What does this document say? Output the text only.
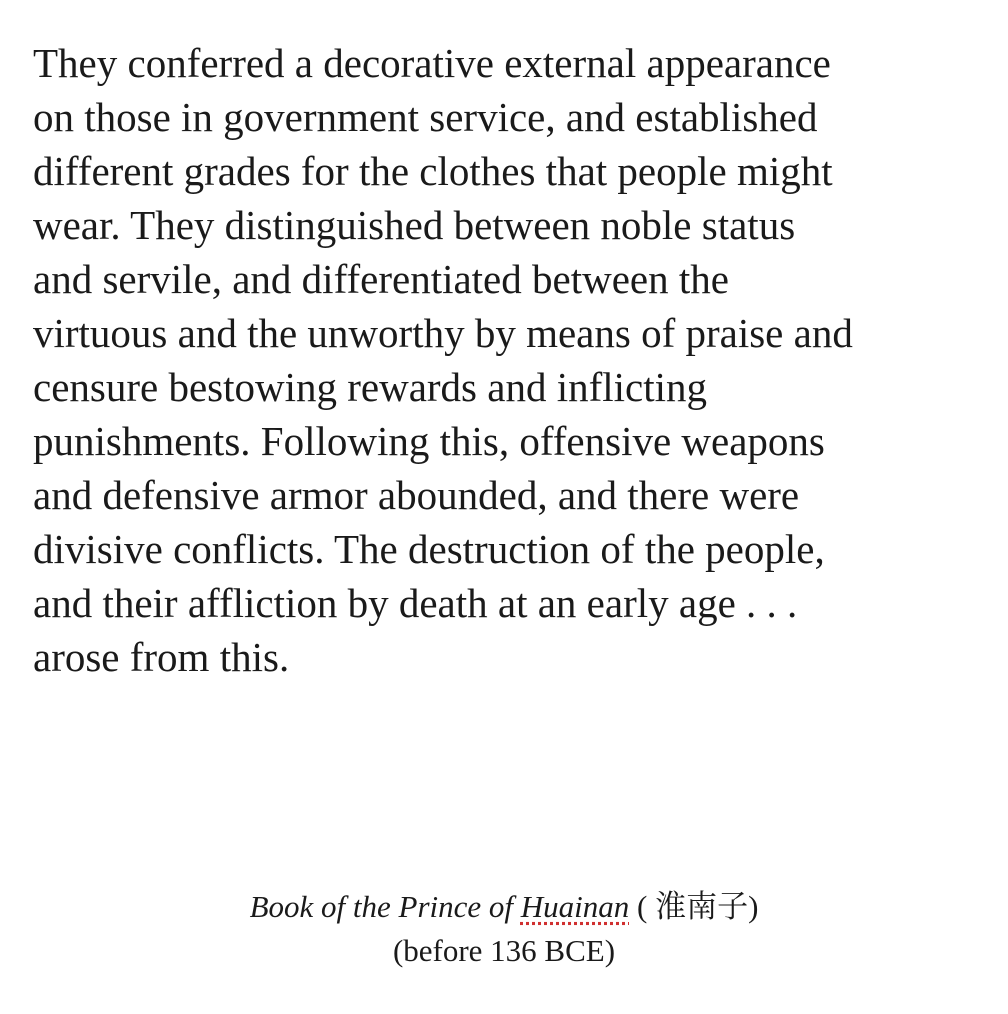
They conferred a decorative external appearance
on those in government service, and established
different grades for the clothes that people might
wear. They distinguished between noble status
and servile, and differentiated between the
virtuous and the unworthy by means of praise and
censure bestowing rewards and inflicting
punishments. Following this, offensive weapons
and defensive armor abounded, and there were
divisive conflicts. The destruction of the people,
and their affliction by death at an early age . . .
arose from this.
Book of the Prince of Huainan ( 淮南子)
(before 136 BCE)
